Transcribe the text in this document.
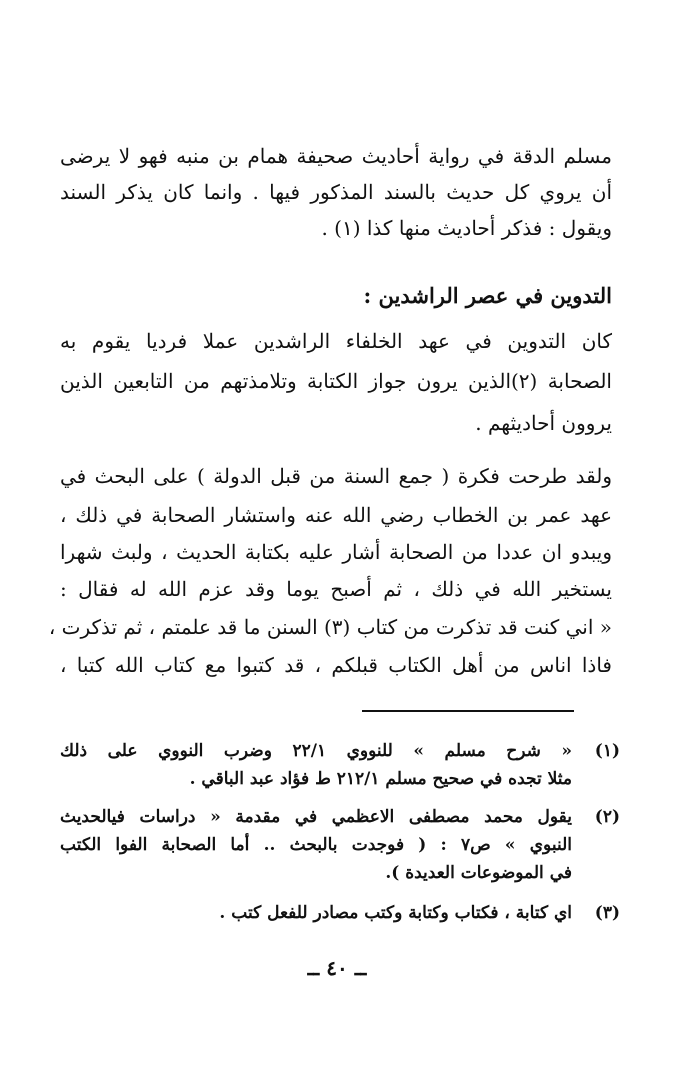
مسلم الدقة في رواية أحاديث صحيفة همام بن منبه فهو لا يرضى
أن يروي كل حديث بالسند المذكور فيها . وانما كان يذكر السند
ويقول : فذكر أحاديث منها كذا (١) .
التدوين في عصر الراشدين :
كان التدوين في عهد الخلفاء الراشدين عملا فرديا يقوم به
الصحابة (٢)الذين يرون جواز الكتابة وتلامذتهم من التابعين الذين
يروون أحاديثهم .
ولقد طرحت فكرة ( جمع السنة من قبل الدولة ) على البحث في
عهد عمر بن الخطاب رضي الله عنه واستشار الصحابة في ذلك ،
ويبدو ان عددا من الصحابة أشار عليه بكتابة الحديث ، ولبث شهرا
يستخير الله في ذلك ، ثم أصبح يوما وقد عزم الله له فقال :
« اني كنت قد تذكرت من كتاب (٣) السنن ما قد علمتم ، ثم تذكرت ،
فاذا اناس من أهل الكتاب قبلكم ، قد كتبوا مع كتاب الله كتبا ،
(١)
« شرح مسلم » للنووي ٢٢/١ وضرب النووي على ذلك
مثلا تجده في صحيح مسلم ٢١٢/١ ط فؤاد عبد الباقي .
(٢)
يقول محمد مصطفى الاعظمي في مقدمة « دراسات فيالحديث
النبوي » ص٧ : ( فوجدت بالبحث .. أما الصحابة الفوا الكتب
في الموضوعات العديدة ).
(٣)
اي كتابة ، فكتاب وكتابة وكتب مصادر للفعل كتب .
ــ ٤٠ ــ
